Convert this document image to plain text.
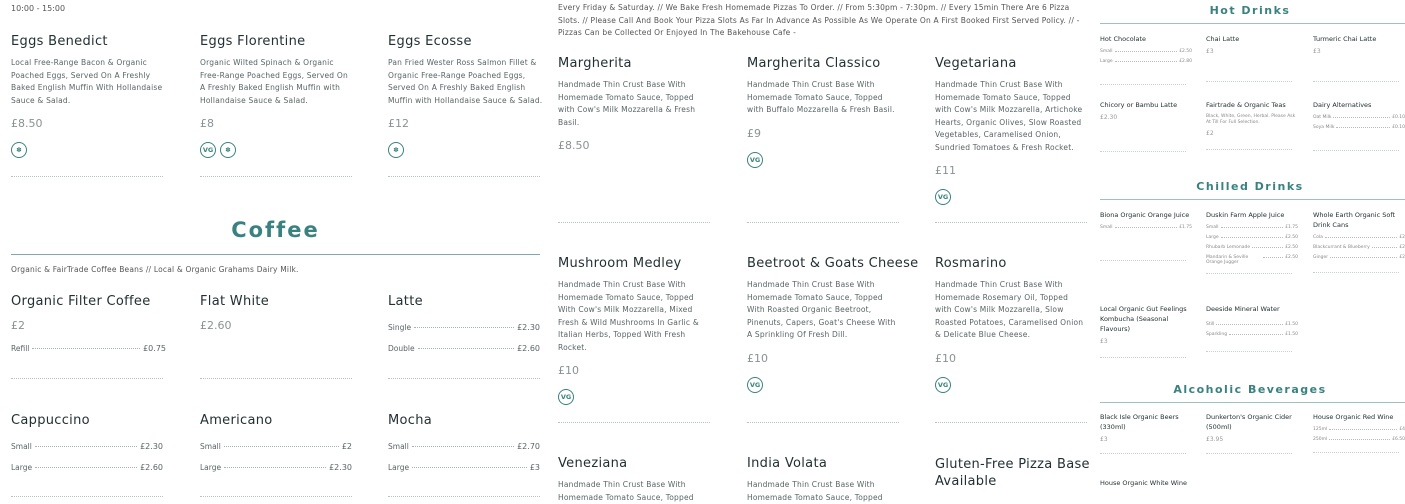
10:00 - 15:00
Eggs Benedict
Local Free-Range Bacon & Organic Poached Eggs, Served On A Freshly Baked English Muffin With Hollandaise Sauce & Salad.
£8.50
✽
Eggs Florentine
Organic Wilted Spinach & Organic Free-Range Poached Eggs, Served On A Freshly Baked English Muffin with Hollandaise Sauce & Salad.
£8
VG	✽
Eggs Ecosse
Pan Fried Wester Ross Salmon Fillet & Organic Free-Range Poached Eggs, Served On A Freshly Baked English Muffin with Hollandaise Sauce & Salad.
£12
✽
Coffee
Organic & FairTrade Coffee Beans // Local & Organic Grahams Dairy Milk.
Organic Filter Coffee
£2
Refill	£0.75
Flat White
£2.60
Latte
Single	£2.30
Double	£2.60
Cappuccino
Small	£2.30
Large	£2.60
Americano
Small	£2
Large	£2.30
Mocha
Small	£2.70
Large	£3
Every Friday & Saturday. // We Bake Fresh Homemade Pizzas To Order. // From 5:30pm - 7:30pm. // Every 15min There Are 6 Pizza Slots. // Please Call And Book Your Pizza Slots As Far In Advance As Possible As We Operate On A First Booked First Served Policy. // - Pizzas Can be Collected Or Enjoyed In The Bakehouse Cafe -
Margherita
Handmade Thin Crust Base With Homemade Tomato Sauce, Topped with Cow's Milk Mozzarella & Fresh Basil.
£8.50
Margherita Classico
Handmade Thin Crust Base With Homemade Tomato Sauce, Topped with Buffalo Mozzarella & Fresh Basil.
£9
VG
Vegetariana
Handmade Thin Crust Base With Homemade Tomato Sauce, Topped with Cow's Milk Mozzarella, Artichoke Hearts, Organic Olives, Slow Roasted Vegetables, Caramelised Onion, Sundried Tomatoes & Fresh Rocket.
£11
VG
Mushroom Medley
Handmade Thin Crust Base With Homemade Tomato Sauce, Topped With Cow's Milk Mozzarella, Mixed Fresh & Wild Mushrooms In Garlic & Italian Herbs, Topped With Fresh Rocket.
£10
VG
Beetroot & Goats Cheese
Handmade Thin Crust Base With Homemade Tomato Sauce, Topped With Roasted Organic Beetroot, Pinenuts, Capers, Goat's Cheese With A Sprinkling Of Fresh Dill.
£10
VG
Rosmarino
Handmade Thin Crust Base With Homemade Rosemary Oil, Topped with Cow's Milk Mozzarella, Slow Roasted Potatoes, Caramelised Onion & Delicate Blue Cheese.
£10
VG
Veneziana
Handmade Thin Crust Base With Homemade Tomato Sauce, Topped
India Volata
Handmade Thin Crust Base With Homemade Tomato Sauce, Topped
Gluten-Free Pizza Base Available
Hot Drinks
Hot Chocolate
Small	£2.50
Large	£2.80
Chai Latte
£3
Turmeric Chai Latte
£3
Chicory or Bambu Latte
£2.30
Fairtrade & Organic Teas
Black, White, Green, Herbal. Please Ask At Till For Full Selection.
£2
Dairy Alternatives
Oat Milk	£0.10
Soya Milk	£0.10
Chilled Drinks
Biona Organic Orange Juice
Small	£1.75
Duskin Farm Apple Juice
Small	£1.75
Large	£2.50
Rhubarb Lemonade	£2.50
Mandarin & Seville Orange Jugger
£2.50
Whole Earth Organic Soft Drink Cans
Cola	£2
Blackcurrant & Blueberry	£2
Ginger	£2
Local Organic Gut Feelings Kombucha (Seasonal Flavours)
£3
Deeside Mineral Water
Still	£1.50
Sparkling	£1.50
Alcoholic Beverages
Black Isle Organic Beers (330ml)
£3
Dunkerton's Organic Cider (500ml)
£3.95
House Organic Red Wine
125ml	£4
250ml	£6.50
House Organic White Wine
